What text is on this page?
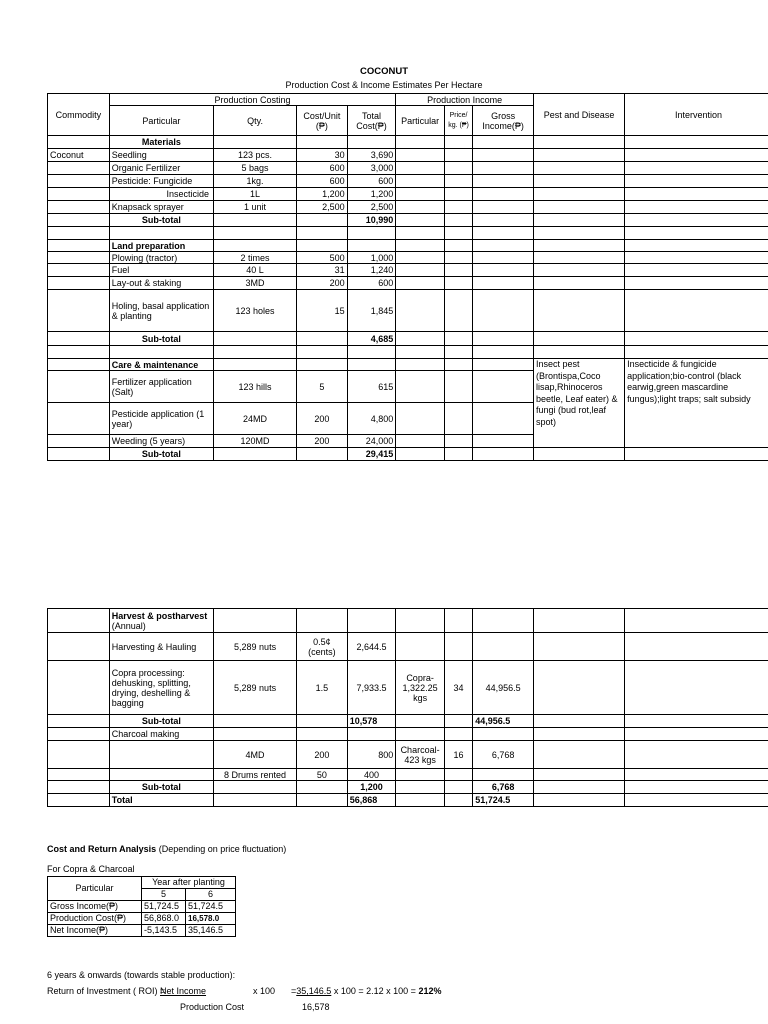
COCONUT
Production Cost & Income Estimates Per Hectare
Commodity	Production Costing				Production Income			Pest and Disease	Intervention
	Particular	Qty.	Cost/Unit (₱)	Total Cost(₱)	Particular	Price/ kg. (₱)	Gross Income(₱)		
	Materials								
Coconut	Seedling	123 pcs.	30	3,690					
	Organic Fertilizer	5 bags	600	3,000					
	Pesticide: Fungicide	1kg.	600	600					
	Insecticide	1L	1,200	1,200					
	Knapsack sprayer	1 unit	2,500	2,500					
	Sub-total			10,990					

	Land preparation								
	Plowing (tractor)	2 times	500	1,000					
	Fuel	40 L	31	1,240					
	Lay-out & staking	3MD	200	600					
	Holing, basal application & planting	123 holes	15	1,845					
	Sub-total			4,685					

	Care & maintenance							Insect pest (Brontispa,Coco lisap,Rhinoceros beetle, Leaf eater) & fungi (bud rot,leaf spot)	Insecticide & fungicide application;bio-control (black earwig,green mascardine fungus);light traps; salt subsidy
	Fertilizer application (Salt)	123 hills	5	615					
	Pesticide application (1 year)	24MD	200	4,800					
	Weeding (5 years)	120MD	200	24,000					
	Sub-total			29,415					
	Harvest & postharvest (Annual)								
	Harvesting & Hauling	5,289 nuts	0.5¢ (cents)	2,644.5					
	Copra processing: dehusking, splitting, drying, deshelling & bagging	5,289 nuts	1.5	7,933.5	Copra- 1,322.25 kgs	34	44,956.5		
	Sub-total			10,578			44,956.5		
	Charcoal making								
		4MD	200	800	Charcoal- 423 kgs	16	6,768		
		8 Drums rented	50	400					
	Sub-total			1,200			6,768		
	Total			56,868			51,724.5		
Cost and Return Analysis (Depending on price fluctuation)
For Copra & Charcoal
Particular	Year after planting	
	5	6
Gross Income(₱)	51,724.5	51,724.5
Production Cost(₱)	56,868.0	16,578.0
Net Income(₱)	-5,143.5	35,146.5
6 years & onwards (towards stable production):
Return of Investment ( ROI) =
Net Income	x 100 =35,146.5 x 100 = 2.12 x 100 = 212%
Production Cost	16,578
